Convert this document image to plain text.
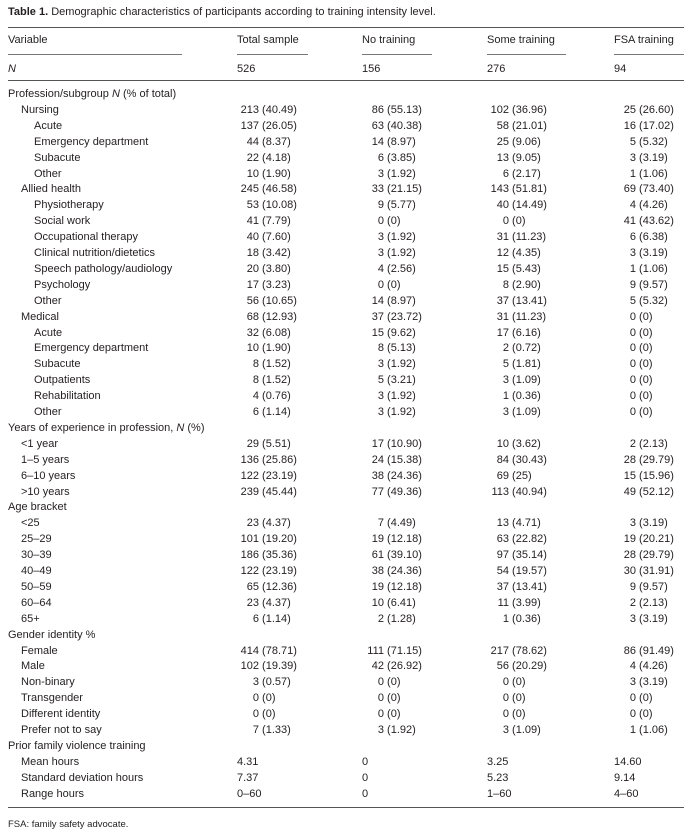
Table 1. Demographic characteristics of participants according to training intensity level.
Variable	Total sample	No training	Some training	FSA training
N	526	156	276	94
Profession/subgroup N (% of total)
Nursing	213 (40.49)	86 (55.13)	102 (36.96)	25 (26.60)
Acute	137 (26.05)	63 (40.38)	58 (21.01)	16 (17.02)
Emergency department	44 (8.37)	14 (8.97)	25 (9.06)	5 (5.32)
Subacute	22 (4.18)	6 (3.85)	13 (9.05)	3 (3.19)
Other	10 (1.90)	3 (1.92)	6 (2.17)	1 (1.06)
Allied health	245 (46.58)	33 (21.15)	143 (51.81)	69 (73.40)
Physiotherapy	53 (10.08)	9 (5.77)	40 (14.49)	4 (4.26)
Social work	41 (7.79)	0 (0)	0 (0)	41 (43.62)
Occupational therapy	40 (7.60)	3 (1.92)	31 (11.23)	6 (6.38)
Clinical nutrition/dietetics	18 (3.42)	3 (1.92)	12 (4.35)	3 (3.19)
Speech pathology/audiology	20 (3.80)	4 (2.56)	15 (5.43)	1 (1.06)
Psychology	17 (3.23)	0 (0)	8 (2.90)	9 (9.57)
Other	56 (10.65)	14 (8.97)	37 (13.41)	5 (5.32)
Medical	68 (12.93)	37 (23.72)	31 (11.23)	0 (0)
Acute	32 (6.08)	15 (9.62)	17 (6.16)	0 (0)
Emergency department	10 (1.90)	8 (5.13)	2 (0.72)	0 (0)
Subacute	8 (1.52)	3 (1.92)	5 (1.81)	0 (0)
Outpatients	8 (1.52)	5 (3.21)	3 (1.09)	0 (0)
Rehabilitation	4 (0.76)	3 (1.92)	1 (0.36)	0 (0)
Other	6 (1.14)	3 (1.92)	3 (1.09)	0 (0)
Years of experience in profession, N (%)
<1 year	29 (5.51)	17 (10.90)	10 (3.62)	2 (2.13)
1–5 years	136 (25.86)	24 (15.38)	84 (30.43)	28 (29.79)
6–10 years	122 (23.19)	38 (24.36)	69 (25)	15 (15.96)
>10 years	239 (45.44)	77 (49.36)	113 (40.94)	49 (52.12)
Age bracket
<25	23 (4.37)	7 (4.49)	13 (4.71)	3 (3.19)
25–29	101 (19.20)	19 (12.18)	63 (22.82)	19 (20.21)
30–39	186 (35.36)	61 (39.10)	97 (35.14)	28 (29.79)
40–49	122 (23.19)	38 (24.36)	54 (19.57)	30 (31.91)
50–59	65 (12.36)	19 (12.18)	37 (13.41)	9 (9.57)
60–64	23 (4.37)	10 (6.41)	11 (3.99)	2 (2.13)
65+	6 (1.14)	2 (1.28)	1 (0.36)	3 (3.19)
Gender identity %
Female	414 (78.71)	111 (71.15)	217 (78.62)	86 (91.49)
Male	102 (19.39)	42 (26.92)	56 (20.29)	4 (4.26)
Non-binary	3 (0.57)	0 (0)	0 (0)	3 (3.19)
Transgender	0 (0)	0 (0)	0 (0)	0 (0)
Different identity	0 (0)	0 (0)	0 (0)	0 (0)
Prefer not to say	7 (1.33)	3 (1.92)	3 (1.09)	1 (1.06)
Prior family violence training
Mean hours	4.31	0	3.25	14.60
Standard deviation hours	7.37	0	5.23	9.14
Range hours	0–60	0	1–60	4–60
FSA: family safety advocate.
